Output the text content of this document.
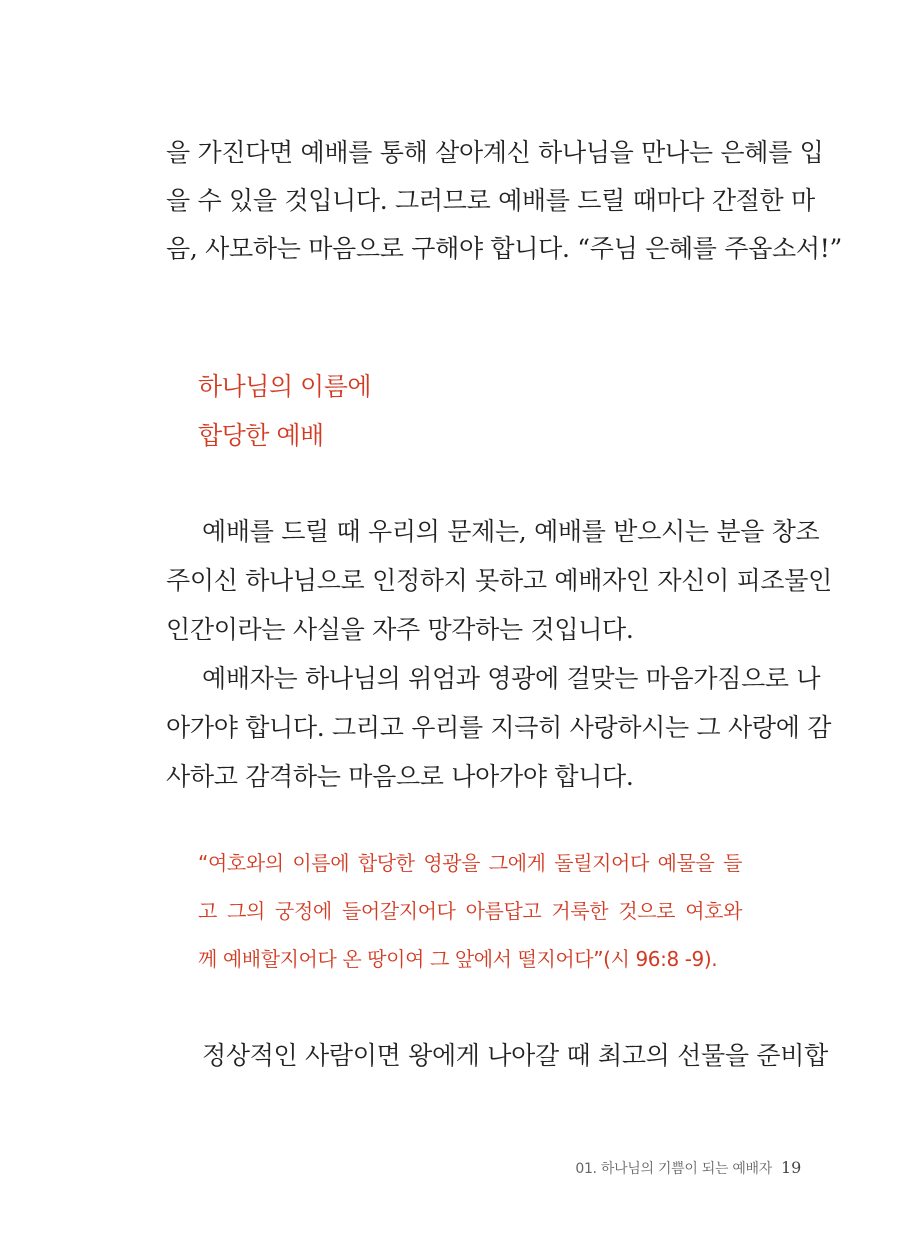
을 가진다면 예배를 통해 살아계신 하나님을 만나는 은혜를 입
을 수 있을 것입니다. 그러므로 예배를 드릴 때마다 간절한 마
음, 사모하는 마음으로 구해야 합니다. “주님 은혜를 주옵소서!”
하나님의 이름에
합당한 예배
예배를 드릴 때 우리의 문제는, 예배를 받으시는 분을 창조
주이신 하나님으로 인정하지 못하고 예배자인 자신이 피조물인
인간이라는 사실을 자주 망각하는 것입니다.
예배자는 하나님의 위엄과 영광에 걸맞는 마음가짐으로 나
아가야 합니다. 그리고 우리를 지극히 사랑하시는 그 사랑에 감
사하고 감격하는 마음으로 나아가야 합니다.
“여호와의 이름에 합당한 영광을 그에게 돌릴지어다 예물을 들
고 그의 궁정에 들어갈지어다 아름답고 거룩한 것으로 여호와
께 예배할지어다 온 땅이여 그 앞에서 떨지어다”(시 96:8 -9).
정상적인 사람이면 왕에게 나아갈 때 최고의 선물을 준비합
01. 하나님의 기쁨이 되는 예배자 19
